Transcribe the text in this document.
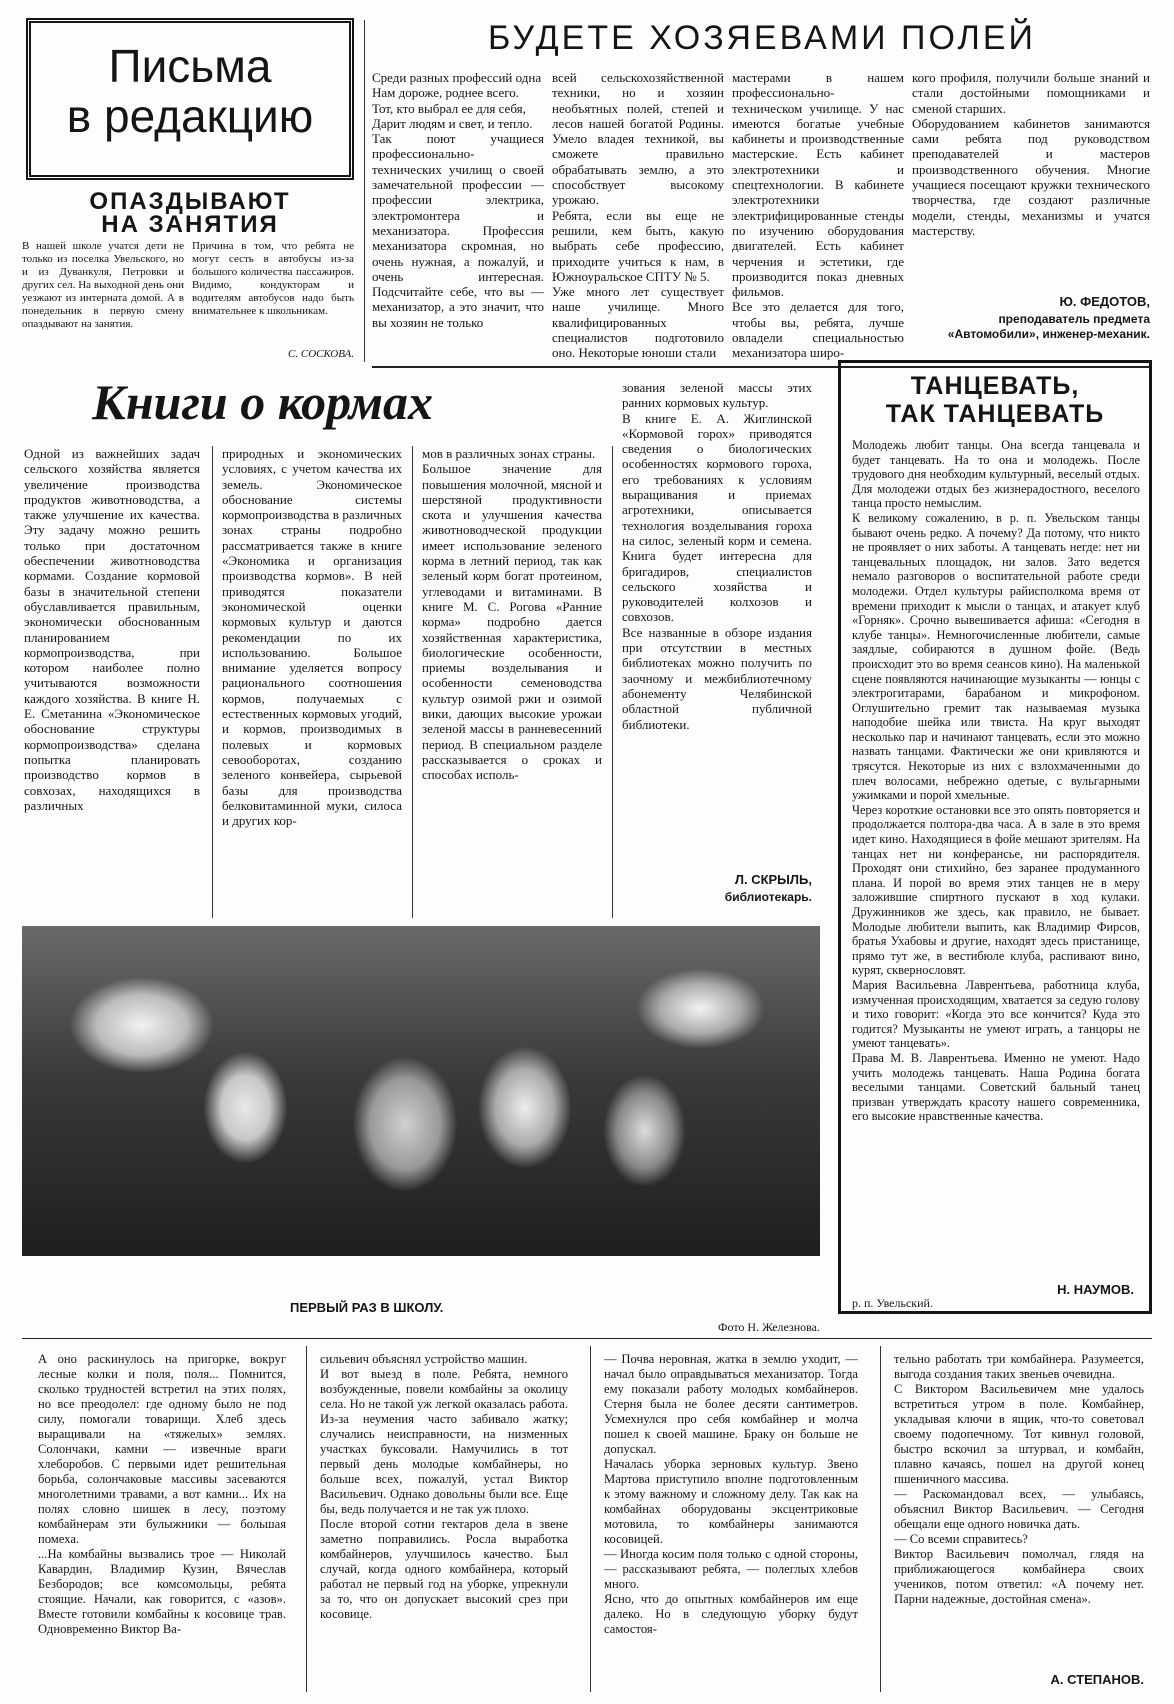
Письма
в редакцию
ОПАЗДЫВАЮТ
НА ЗАНЯТИЯ
В нашей школе учатся дети не только из поселка Увельского, но и из Дуванкуля, Петровки и других сел. На выходной день они уезжают из интерната домой. А в понедельник в первую смену опаздывают на занятия.
Причина в том, что ребята не могут сесть в автобусы из-за большого количества пассажиров. Видимо, кондукторам и водителям автобусов надо быть внимательнее к школьникам.
С. СОСКОВА.
БУДЕТЕ ХОЗЯЕВАМИ ПОЛЕЙ
Среди разных профессий одна
Нам дороже, роднее всего.
Тот, кто выбрал ее для себя,
Дарит людям и свет, и тепло.
Так поют учащиеся профессионально-технических училищ о своей замечательной профессии — профессии электрика, электромонтера и механизатора. Профессия механизатора скромная, но очень нужная, а пожалуй, и очень интересная. Подсчитайте себе, что вы — механизатор, а это значит, что вы хозяин не только
всей сельскохозяйственной техники, но и хозяин необъятных полей, степей и лесов нашей богатой Родины. Умело владея техникой, вы сможете правильно обрабатывать землю, а это способствует высокому урожаю.
Ребята, если вы еще не решили, кем быть, какую выбрать себе профессию, приходите учиться к нам, в Южноуральское СПТУ № 5.
Уже много лет существует наше училище. Много квалифицированных специалистов подготовило оно. Некоторые юноши стали
мастерами в нашем профессионально-техническом училище. У нас имеются богатые учебные кабинеты и производственные мастерские. Есть кабинет электротехники и спецтехнологии. В кабинете электротехники электрифицированные стенды по изучению оборудования двигателей. Есть кабинет черчения и эстетики, где производится показ дневных фильмов.
Все это делается для того, чтобы вы, ребята, лучше овладели специальностью механизатора широ-
кого профиля, получили больше знаний и стали достойными помощниками и сменой старших.
Оборудованием кабинетов занимаются сами ребята под руководством преподавателей и мастеров производственного обучения. Многие учащиеся посещают кружки технического творчества, где создают различные модели, стенды, механизмы и учатся мастерству.
Ю. ФЕДОТОВ,
преподаватель предмета «Автомобили», инженер-механик.
Книги о кормах
Одной из важнейших задач сельского хозяйства является увеличение производства продуктов животноводства, а также улучшение их качества. Эту задачу можно решить только при достаточном обеспечении животноводства кормами. Создание кормовой базы в значительной степени обуславливается правильным, экономически обоснованным планированием кормопроизводства, при котором наиболее полно учитываются возможности каждого хозяйства. В книге Н. Е. Сметанина «Экономическое обоснование структуры кормопроизводства» сделана попытка планировать производство кормов в совхозах, находящихся в различных
природных и экономических условиях, с учетом качества их земель. Экономическое обоснование системы кормопроизводства в различных зонах страны подробно рассматривается также в книге «Экономика и организация производства кормов». В ней приводятся показатели экономической оценки кормовых культур и даются рекомендации по их использованию. Большое внимание уделяется вопросу рационального соотношения кормов, получаемых с естественных кормовых угодий, и кормов, производимых в полевых и кормовых севооборотах, созданию зеленого конвейера, сырьевой базы для производства белковитаминной муки, силоса и других кор-
мов в различных зонах страны.
Большое значение для повышения молочной, мясной и шерстяной продуктивности скота и улучшения качества животноводческой продукции имеет использование зеленого корма в летний период, так как зеленый корм богат протеином, углеводами и витаминами. В книге М. С. Рогова «Ранние корма» подробно дается хозяйственная характеристика, биологические особенности, приемы возделывания и особенности семеноводства культур озимой ржи и озимой вики, дающих высокие урожаи зеленой массы в ранневесенний период. В специальном разделе рассказывается о сроках и способах исполь-
зования зеленой массы этих ранних кормовых культур.
В книге Е. А. Жиглинской «Кормовой горох» приводятся сведения о биологических особенностях кормового гороха, его требованиях к условиям выращивания и приемах агротехники, описывается технология возделывания гороха на силос, зеленый корм и семена. Книга будет интересна для бригадиров, специалистов сельского хозяйства и руководителей колхозов и совхозов.
Все названные в обзоре издания при отсутствии в местных библиотеках можно получить по заочному и межбиблиотечному абонементу Челябинской областной публичной библиотеки.
Л. СКРЫЛЬ,
библиотекарь.
ПЕРВЫЙ РАЗ В ШКОЛУ.
Фото Н. Железнова.
ТАНЦЕВАТЬ,
ТАК ТАНЦЕВАТЬ
Молодежь любит танцы. Она всегда танцевала и будет танцевать. На то она и молодежь. После трудового дня необходим культурный, веселый отдых. Для молодежи отдых без жизнерадостного, веселого танца просто немыслим.
К великому сожалению, в р. п. Увельском танцы бывают очень редко. А почему? Да потому, что никто не проявляет о них заботы. А танцевать негде: нет ни танцевальных площадок, ни залов. Зато ведется немало разговоров о воспитательной работе среди молодежи. Отдел культуры райисполкома время от времени приходит к мысли о танцах, и атакует клуб «Горняк». Срочно вывешивается афиша: «Сегодня в клубе танцы». Немногочисленные любители, самые заядлые, собираются в душном фойе. (Ведь происходит это во время сеансов кино). На маленькой сцене появляются начинающие музыканты — юнцы с электрогитарами, барабаном и микрофоном. Оглушительно гремит так называемая музыка наподобие шейка или твиста. На круг выходят несколько пар и начинают танцевать, если это можно назвать танцами. Фактически же они кривляются и трясутся. Некоторые из них с взлохмаченными до плеч волосами, небрежно одетые, с вульгарными ужимками и порой хмельные.
Через короткие остановки все это опять повторяется и продолжается полтора-два часа. А в зале в это время идет кино. Находящиеся в фойе мешают зрителям. На танцах нет ни конферансье, ни распорядителя. Проходят они стихийно, без заранее продуманного плана. И порой во время этих танцев не в меру заложившие спиртного пускают в ход кулаки. Дружинников же здесь, как правило, не бывает. Молодые любители выпить, как Владимир Фирсов, братья Ухабовы и другие, находят здесь пристанище, прямо тут же, в вестибюле клуба, распивают вино, курят, сквернословят.
Мария Васильевна Лаврентьева, работница клуба, измученная происходящим, хватается за седую голову и тихо говорит: «Когда это все кончится? Куда это годится? Музыканты не умеют играть, а танцоры не умеют танцевать».
Права М. В. Лаврентьева. Именно не умеют. Надо учить молодежь танцевать. Наша Родина богата веселыми танцами. Советский бальный танец призван утверждать красоту нашего современника, его высокие нравственные качества.
р. п. Увельский.
Н. НАУМОВ.
А оно раскинулось на пригорке, вокруг лесные колки и поля, поля... Помнится, сколько трудностей встретил на этих полях, но все преодолел: где одному было не под силу, помогали товарищи. Хлеб здесь выращивали на «тяжелых» землях. Солончаки, камни — извечные враги хлеборобов. С первыми идет решительная борьба, солончаковые массивы засеваются многолетними травами, а вот камни... Их на полях словно шишек в лесу, поэтому комбайнерам эти булыжники — большая помеха.
...На комбайны вызвались трое — Николай Кавардин, Владимир Кузин, Вячеслав Безбородов; все комсомольцы, ребята стоящие. Начали, как говорится, с «азов». Вместе готовили комбайны к косовице трав. Одновременно Виктор Ва-
сильевич объяснял устройство машин.
И вот выезд в поле. Ребята, немного возбужденные, повели комбайны за околицу села. Но не такой уж легкой оказалась работа. Из-за неумения часто забивало жатку; случались неисправности, на низменных участках буксовали. Намучились в тот первый день молодые комбайнеры, но больше всех, пожалуй, устал Виктор Васильевич. Однако довольны были все. Еще бы, ведь получается и не так уж плохо.
После второй сотни гектаров дела в звене заметно поправились. Росла выработка комбайнеров, улучшилось качество. Был случай, когда одного комбайнера, который работал не первый год на уборке, упрекнули за то, что он допускает высокий срез при косовице.
— Почва неровная, жатка в землю уходит, — начал было оправдываться механизатор. Тогда ему показали работу молодых комбайнеров. Стерня была не более десяти сантиметров. Усмехнулся про себя комбайнер и молча пошел к своей машине. Браку он больше не допускал.
Началась уборка зерновых культур. Звено Мартова приступило вполне подготовленным к этому важному и сложному делу. Так как на комбайнах оборудованы эксцентриковые мотовила, то комбайнеры занимаются косовицей.
— Иногда косим поля только с одной стороны, — рассказывают ребята, — полеглых хлебов много.
Ясно, что до опытных комбайнеров им еще далеко. Но в следующую уборку будут самостоя-
тельно работать три комбайнера. Разумеется, выгода создания таких звеньев очевидна.
С Виктором Васильевичем мне удалось встретиться утром в поле. Комбайнер, укладывая ключи в ящик, что-то советовал своему подопечному. Тот кивнул головой, быстро вскочил за штурвал, и комбайн, плавно качаясь, пошел на другой конец пшеничного массива.
— Раскомандовал всех, — улыбаясь, объяснил Виктор Васильевич. — Сегодня обещали еще одного новичка дать.
— Со всеми справитесь?
Виктор Васильевич помолчал, глядя на приближающегося комбайнера своих учеников, потом ответил: «А почему нет. Парни надежные, достойная смена».
А. СТЕПАНОВ.
